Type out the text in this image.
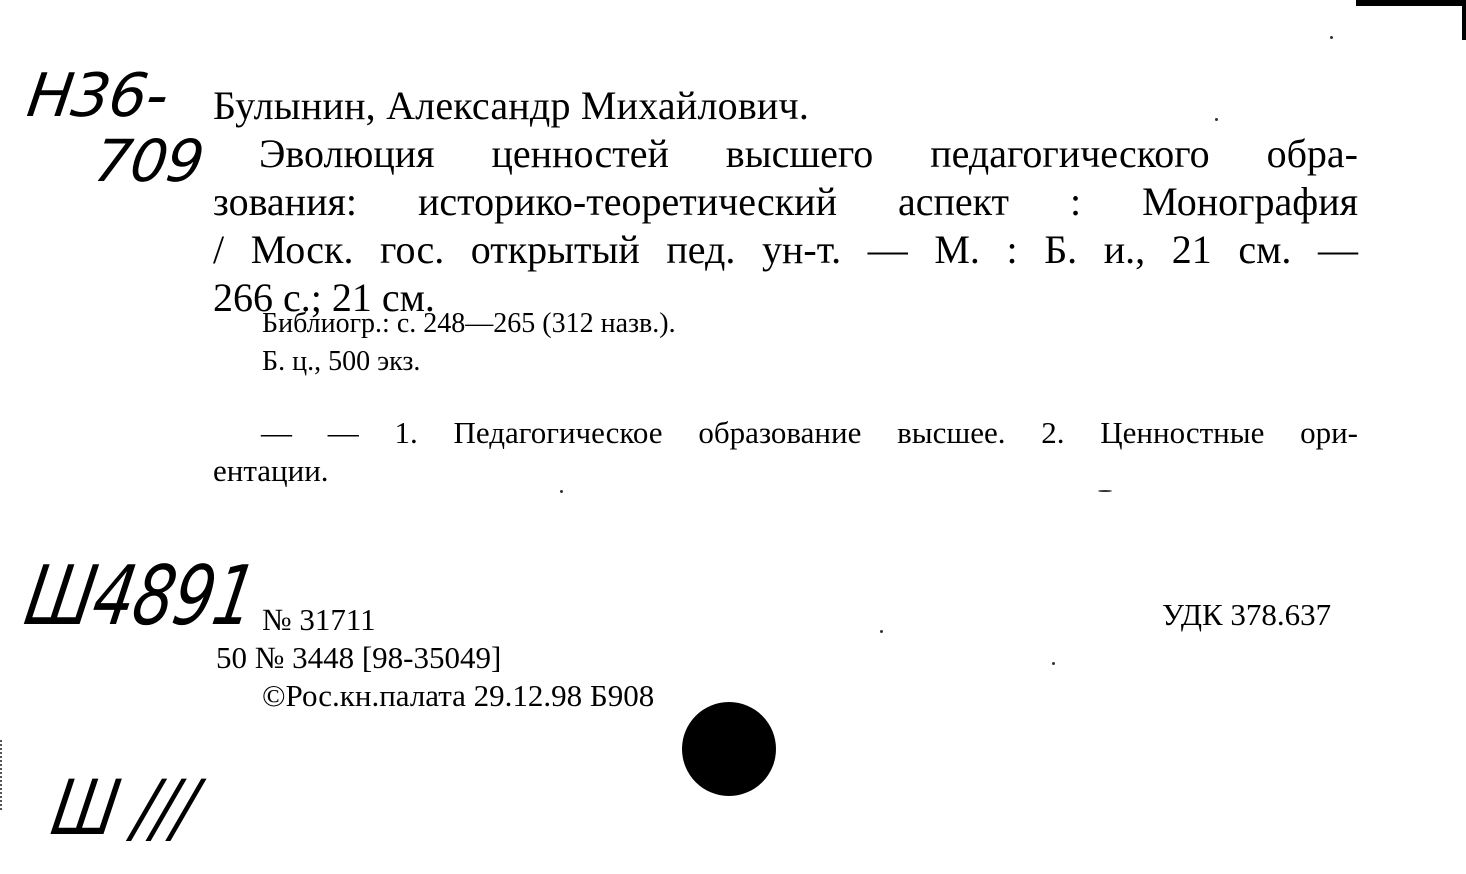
Н36-
709
Булынин, Александр Михайлович.
Эволюция ценностей высшего педагогического обра-
зования: историко-теоретический аспект : Монография
/ Моск. гос. открытый пед. ун-т. — М. : Б. и., 21 см. —
266 с.; 21 см.
Библиогр.: с. 248—265 (312 назв.).
Б. ц., 500 экз.
— — 1. Педагогическое образование высшее. 2. Ценностные ори-
ентации.
Ш4891 № 31711	УДК 378.637
50 № 3448 [98-35049]
©Рос.кн.палата 29.12.98 Б908
Ш ///
